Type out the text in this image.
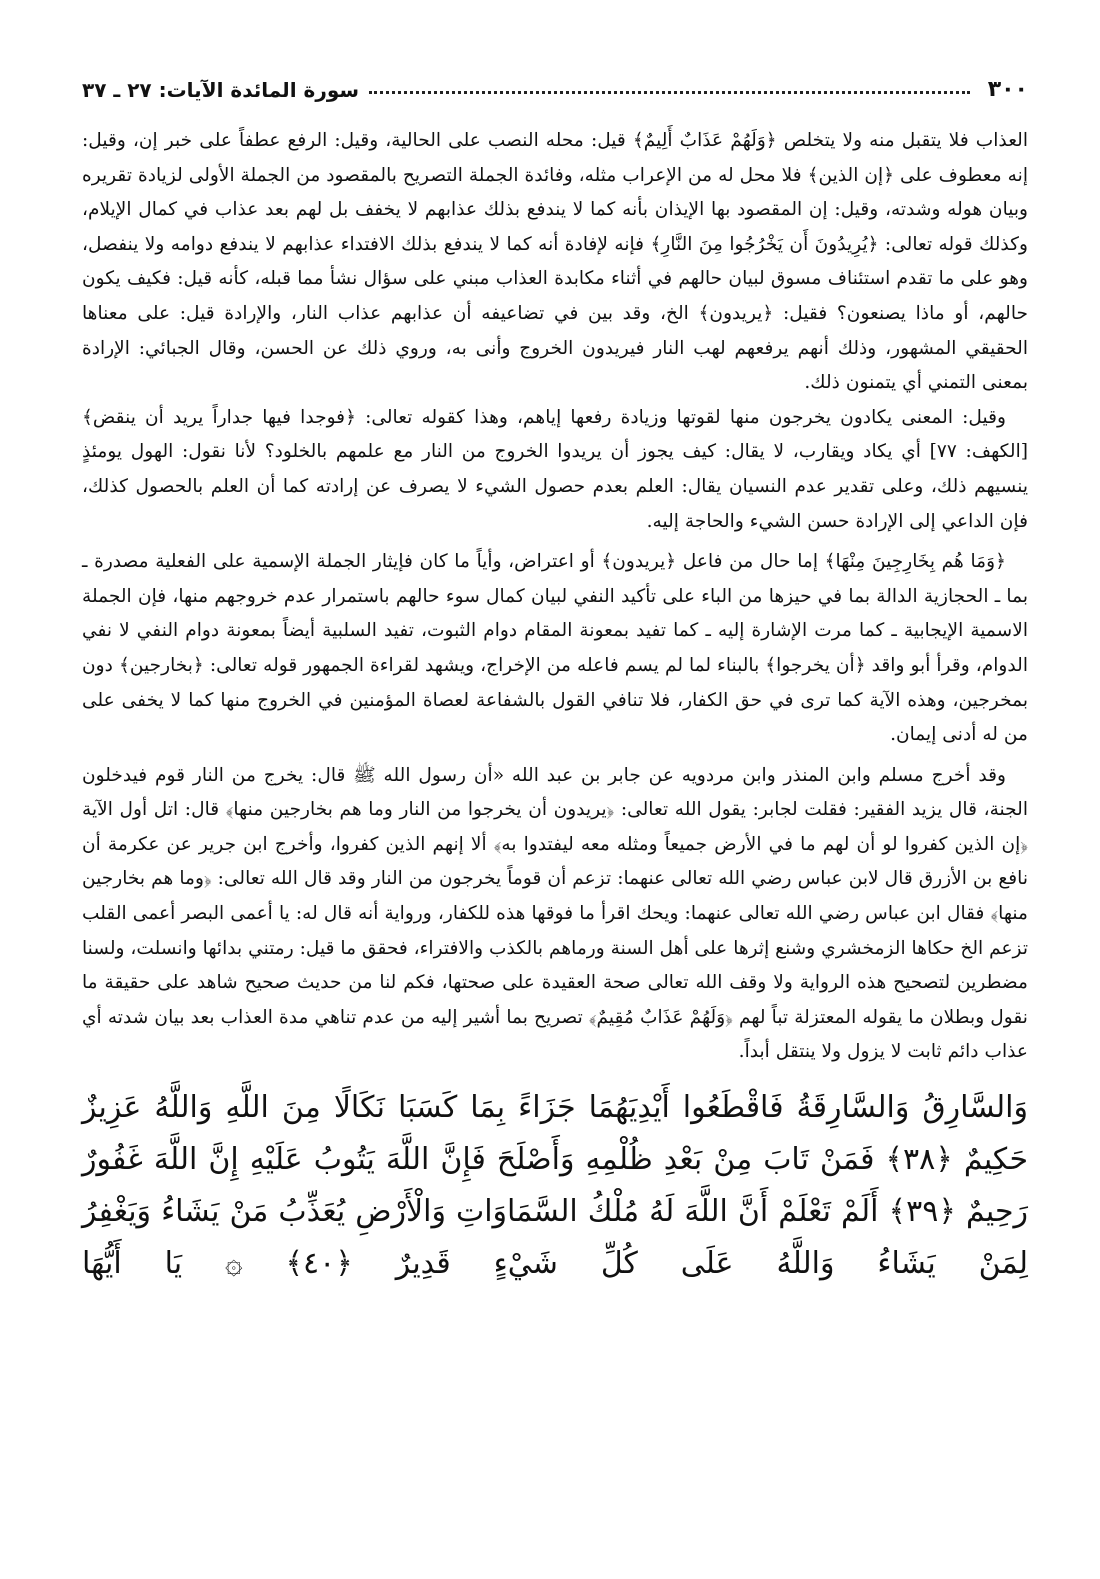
٣٠٠
سورة المائدة الآيات: ٢٧ ـ ٣٧

العذاب فلا يتقبل منه ولا يتخلص ﴿وَلَهُمْ عَذَابٌ أَلِيمٌ﴾ قيل: محله النصب على الحالية، وقيل: الرفع عطفاً على خبر إن، وقيل: إنه معطوف على ﴿إن الذين﴾ فلا محل له من الإعراب مثله، وفائدة الجملة التصريح بالمقصود من الجملة الأولى لزيادة تقريره وبيان هوله وشدته، وقيل: إن المقصود بها الإيذان بأنه كما لا يندفع بذلك عذابهم لا يخفف بل لهم بعد عذاب في كمال الإيلام، وكذلك قوله تعالى: ﴿يُرِيدُونَ أَن يَخْرُجُوا مِنَ النَّارِ﴾ فإنه لإفادة أنه كما لا يندفع بذلك الافتداء عذابهم لا يندفع دوامه ولا ينفصل، وهو على ما تقدم استئناف مسوق لبيان حالهم في أثناء مكابدة العذاب مبني على سؤال نشأ مما قبله، كأنه قيل: فكيف يكون حالهم، أو ماذا يصنعون؟ فقيل: ﴿يريدون﴾ الخ، وقد بين في تضاعيفه أن عذابهم عذاب النار، والإرادة قيل: على معناها الحقيقي المشهور، وذلك أنهم يرفعهم لهب النار فيريدون الخروج وأنى به، وروي ذلك عن الحسن، وقال الجبائي: الإرادة بمعنى التمني أي يتمنون ذلك.

وقيل: المعنى يكادون يخرجون منها لقوتها وزيادة رفعها إياهم، وهذا كقوله تعالى: ﴿فوجدا فيها جداراً يريد أن ينقض﴾ [الكهف: ٧٧] أي يكاد ويقارب، لا يقال: كيف يجوز أن يريدوا الخروج من النار مع علمهم بالخلود؟ لأنا نقول: الهول يومئذٍ ينسيهم ذلك، وعلى تقدير عدم النسيان يقال: العلم بعدم حصول الشيء لا يصرف عن إرادته كما أن العلم بالحصول كذلك، فإن الداعي إلى الإرادة حسن الشيء والحاجة إليه.

﴿وَمَا هُم بِخَارِجِينَ مِنْهَا﴾ إما حال من فاعل ﴿يريدون﴾ أو اعتراض، وأياً ما كان فإيثار الجملة الإسمية على الفعلية مصدرة ـ بما ـ الحجازية الدالة بما في حيزها من الباء على تأكيد النفي لبيان كمال سوء حالهم باستمرار عدم خروجهم منها، فإن الجملة الاسمية الإيجابية ـ كما مرت الإشارة إليه ـ كما تفيد بمعونة المقام دوام الثبوت، تفيد السلبية أيضاً بمعونة دوام النفي لا نفي الدوام، وقرأ أبو واقد ﴿أن يخرجوا﴾ بالبناء لما لم يسم فاعله من الإخراج، ويشهد لقراءة الجمهور قوله تعالى: ﴿بخارجين﴾ دون بمخرجين، وهذه الآية كما ترى في حق الكفار، فلا تنافي القول بالشفاعة لعصاة المؤمنين في الخروج منها كما لا يخفى على من له أدنى إيمان.

وقد أخرج مسلم وابن المنذر وابن مردويه عن جابر بن عبد الله «أن رسول الله ﷺ قال: يخرج من النار قوم فيدخلون الجنة، قال يزيد الفقير: فقلت لجابر: يقول الله تعالى: ﴿يريدون أن يخرجوا من النار وما هم بخارجين منها﴾ قال: اتل أول الآية ﴿إن الذين كفروا لو أن لهم ما في الأرض جميعاً ومثله معه ليفتدوا به﴾ ألا إنهم الذين كفروا، وأخرج ابن جرير عن عكرمة أن نافع بن الأزرق قال لابن عباس رضي الله تعالى عنهما: تزعم أن قوماً يخرجون من النار وقد قال الله تعالى: ﴿وما هم بخارجين منها﴾ فقال ابن عباس رضي الله تعالى عنهما: ويحك اقرأ ما فوقها هذه للكفار، ورواية أنه قال له: يا أعمى البصر أعمى القلب تزعم الخ حكاها الزمخشري وشنع إثرها على أهل السنة ورماهم بالكذب والافتراء، فحقق ما قيل: رمتني بدائها وانسلت، ولسنا مضطرين لتصحيح هذه الرواية ولا وقف الله تعالى صحة العقيدة على صحتها، فكم لنا من حديث صحيح شاهد على حقيقة ما نقول وبطلان ما يقوله المعتزلة تباً لهم ﴿وَلَهُمْ عَذَابٌ مُقِيمٌ﴾ تصريح بما أشير إليه من عدم تناهي مدة العذاب بعد بيان شدته أي عذاب دائم ثابت لا يزول ولا ينتقل أبداً.

وَالسَّارِقُ وَالسَّارِقَةُ فَاقْطَعُوا أَيْدِيَهُمَا جَزَاءً بِمَا كَسَبَا نَكَالًا مِنَ اللَّهِ وَاللَّهُ عَزِيزٌ حَكِيمٌ ﴿٣٨﴾ فَمَنْ تَابَ مِنْ بَعْدِ ظُلْمِهِ وَأَصْلَحَ فَإِنَّ اللَّهَ يَتُوبُ عَلَيْهِ إِنَّ اللَّهَ غَفُورٌ رَحِيمٌ ﴿٣٩﴾ أَلَمْ تَعْلَمْ أَنَّ اللَّهَ لَهُ مُلْكُ السَّمَاوَاتِ وَالْأَرْضِ يُعَذِّبُ مَنْ يَشَاءُ وَيَغْفِرُ لِمَنْ يَشَاءُ وَاللَّهُ عَلَى كُلِّ شَيْءٍ قَدِيرٌ ﴿٤٠﴾ ۞ يَا أَيُّهَا
